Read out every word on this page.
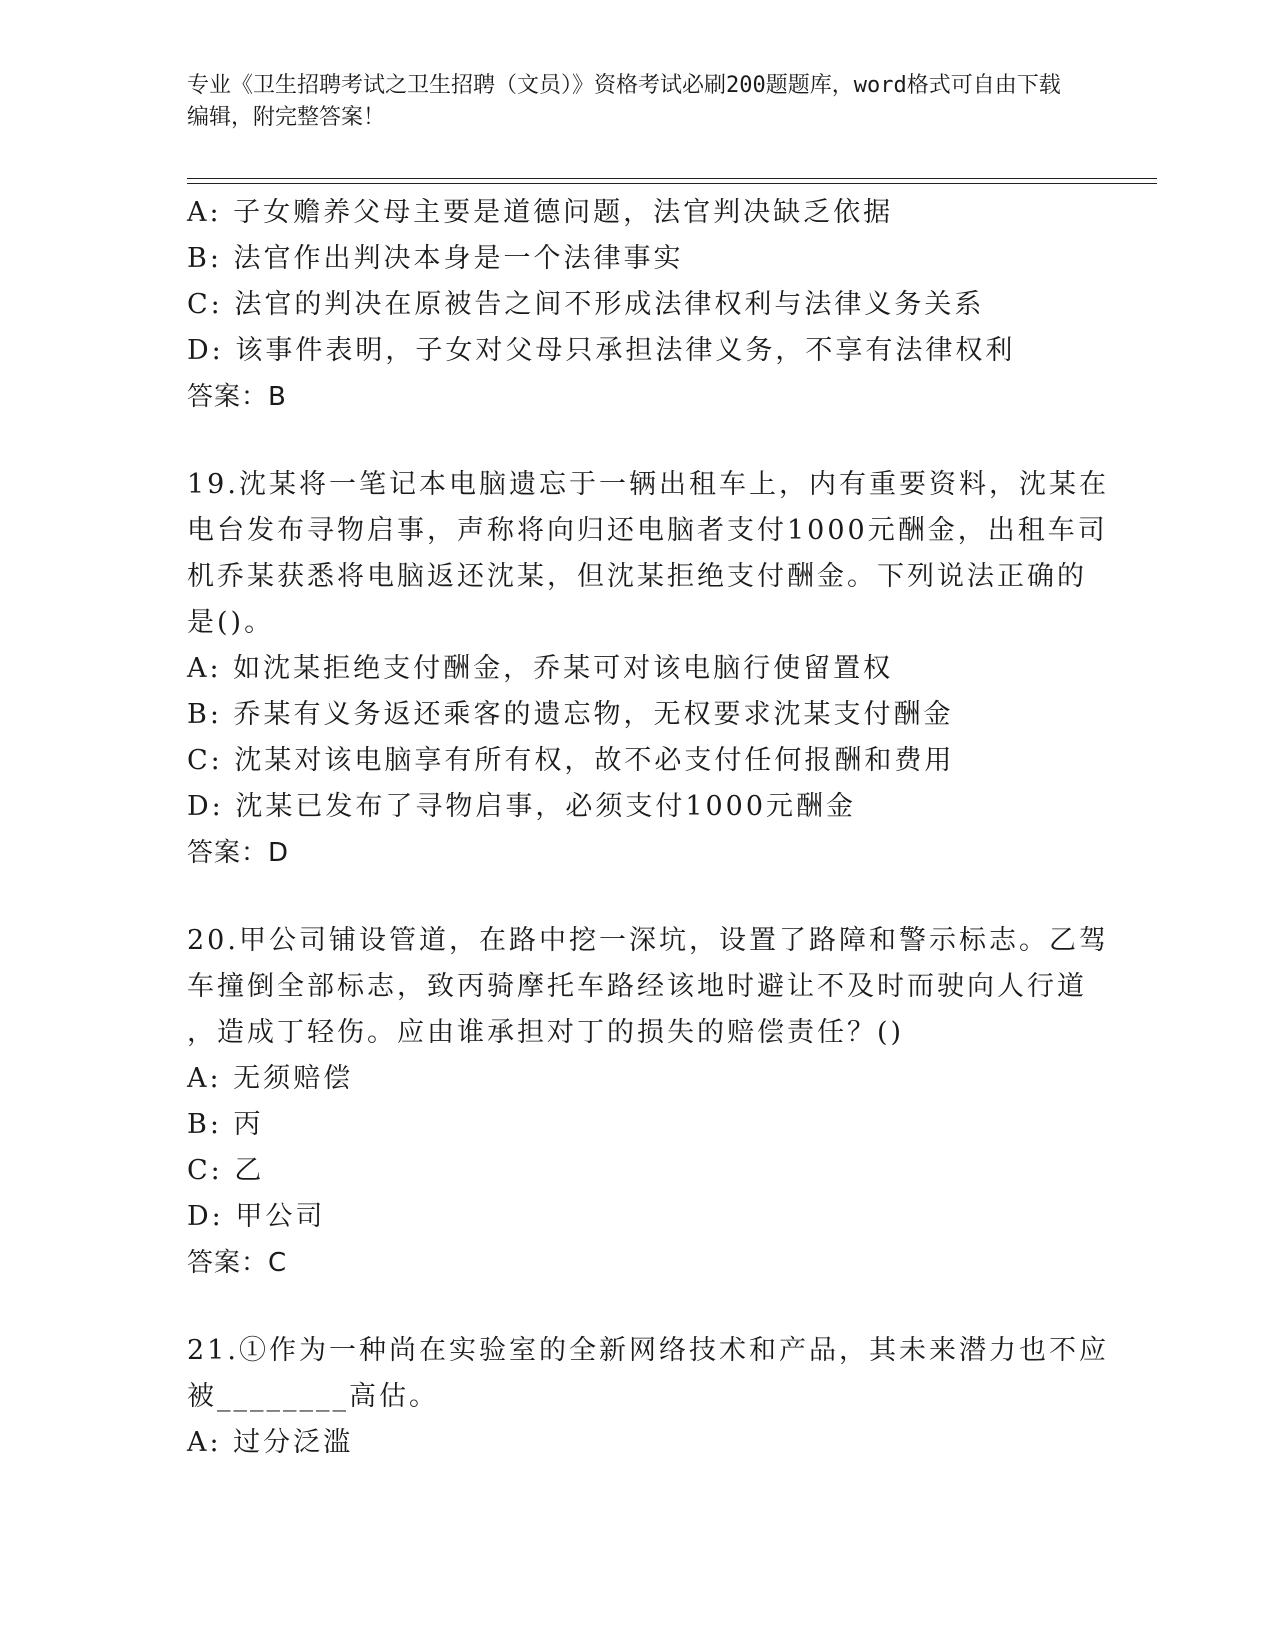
专业《卫生招聘考试之卫生招聘（文员）》资格考试必刷200题题库，word格式可自由下载编辑，附完整答案！
A: 子女赡养父母主要是道德问题，法官判决缺乏依据
B: 法官作出判决本身是一个法律事实
C: 法官的判决在原被告之间不形成法律权利与法律义务关系
D: 该事件表明，子女对父母只承担法律义务，不享有法律权利
答案：B
19.沈某将一笔记本电脑遗忘于一辆出租车上，内有重要资料，沈某在
电台发布寻物启事，声称将向归还电脑者支付1000元酬金，出租车司
机乔某获悉将电脑返还沈某，但沈某拒绝支付酬金。下列说法正确的
是()。
A: 如沈某拒绝支付酬金，乔某可对该电脑行使留置权
B: 乔某有义务返还乘客的遗忘物，无权要求沈某支付酬金
C: 沈某对该电脑享有所有权，故不必支付任何报酬和费用
D: 沈某已发布了寻物启事，必须支付1000元酬金
答案：D
20.甲公司铺设管道，在路中挖一深坑，设置了路障和警示标志。乙驾
车撞倒全部标志，致丙骑摩托车路经该地时避让不及时而驶向人行道
，造成丁轻伤。应由谁承担对丁的损失的赔偿责任？()
A: 无须赔偿
B: 丙
C: 乙
D: 甲公司
答案：C
21.①作为一种尚在实验室的全新网络技术和产品，其未来潜力也不应
被________高估。
A: 过分泛滥
